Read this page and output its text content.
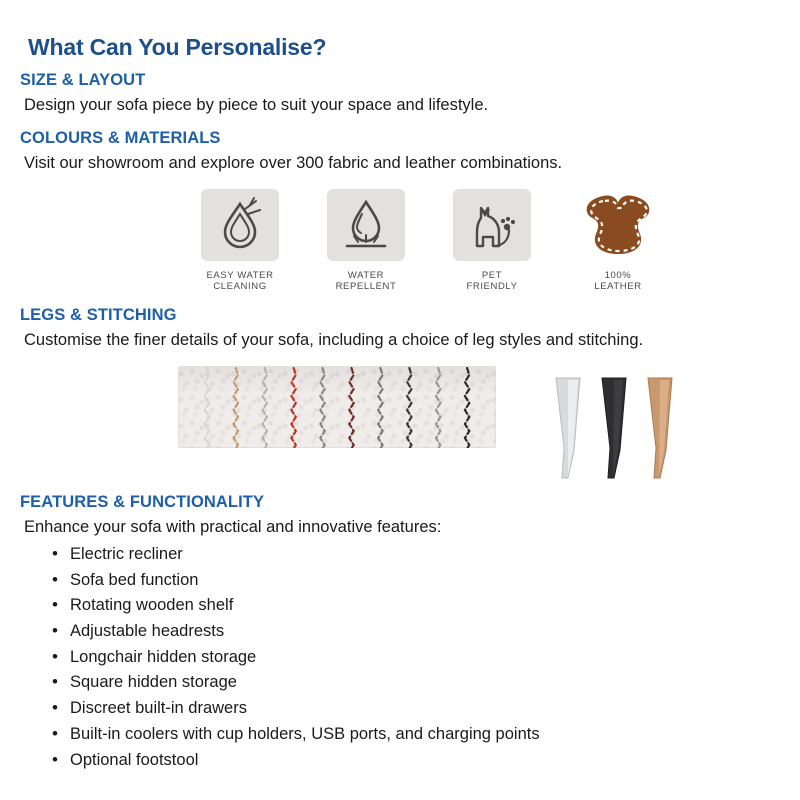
What Can You Personalise?
SIZE & LAYOUT
Design your sofa piece by piece to suit your space and lifestyle.
COLOURS & MATERIALS
Visit our showroom and explore over 300 fabric and leather combinations.
EASY WATER
CLEANING
WATER
REPELLENT
PET
FRIENDLY
100%
LEATHER
LEGS & STITCHING
Customise the finer details of your sofa, including a choice of leg styles and stitching.
FEATURES & FUNCTIONALITY
Enhance your sofa with practical and innovative features:
• Electric recliner
• Sofa bed function
• Rotating wooden shelf
• Adjustable headrests
• Longchair hidden storage
• Square hidden storage
• Discreet built-in drawers
• Built-in coolers with cup holders, USB ports, and charging points
• Optional footstool
